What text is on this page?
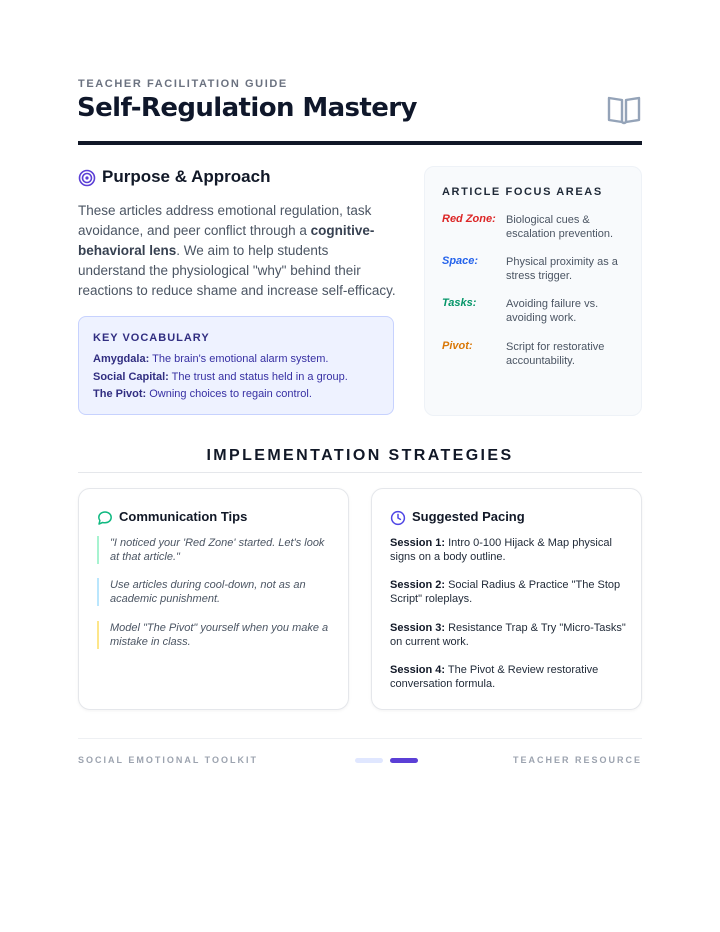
TEACHER FACILITATION GUIDE
Self-Regulation Mastery
Purpose & Approach
These articles address emotional regulation, task avoidance, and peer conflict through a cognitive-behavioral lens. We aim to help students understand the physiological "why" behind their reactions to reduce shame and increase self-efficacy.
KEY VOCABULARY
Amygdala: The brain's emotional alarm system.
Social Capital: The trust and status held in a group.
The Pivot: Owning choices to regain control.
ARTICLE FOCUS AREAS
Red Zone: Biological cues & escalation prevention.
Space:	Physical proximity as a stress trigger.
Tasks:	Avoiding failure vs. avoiding work.
Pivot:	Script for restorative accountability.
IMPLEMENTATION STRATEGIES
Communication Tips
"I noticed your 'Red Zone' started. Let's look at that article."
Use articles during cool-down, not as an academic punishment.
Model "The Pivot" yourself when you make a mistake in class.
Suggested Pacing
Session 1: Intro 0-100 Hijack & Map physical signs on a body outline.
Session 2: Social Radius & Practice "The Stop Script" roleplays.
Session 3: Resistance Trap & Try "Micro-Tasks" on current work.
Session 4: The Pivot & Review restorative conversation formula.
SOCIAL EMOTIONAL TOOLKIT	TEACHER RESOURCE
